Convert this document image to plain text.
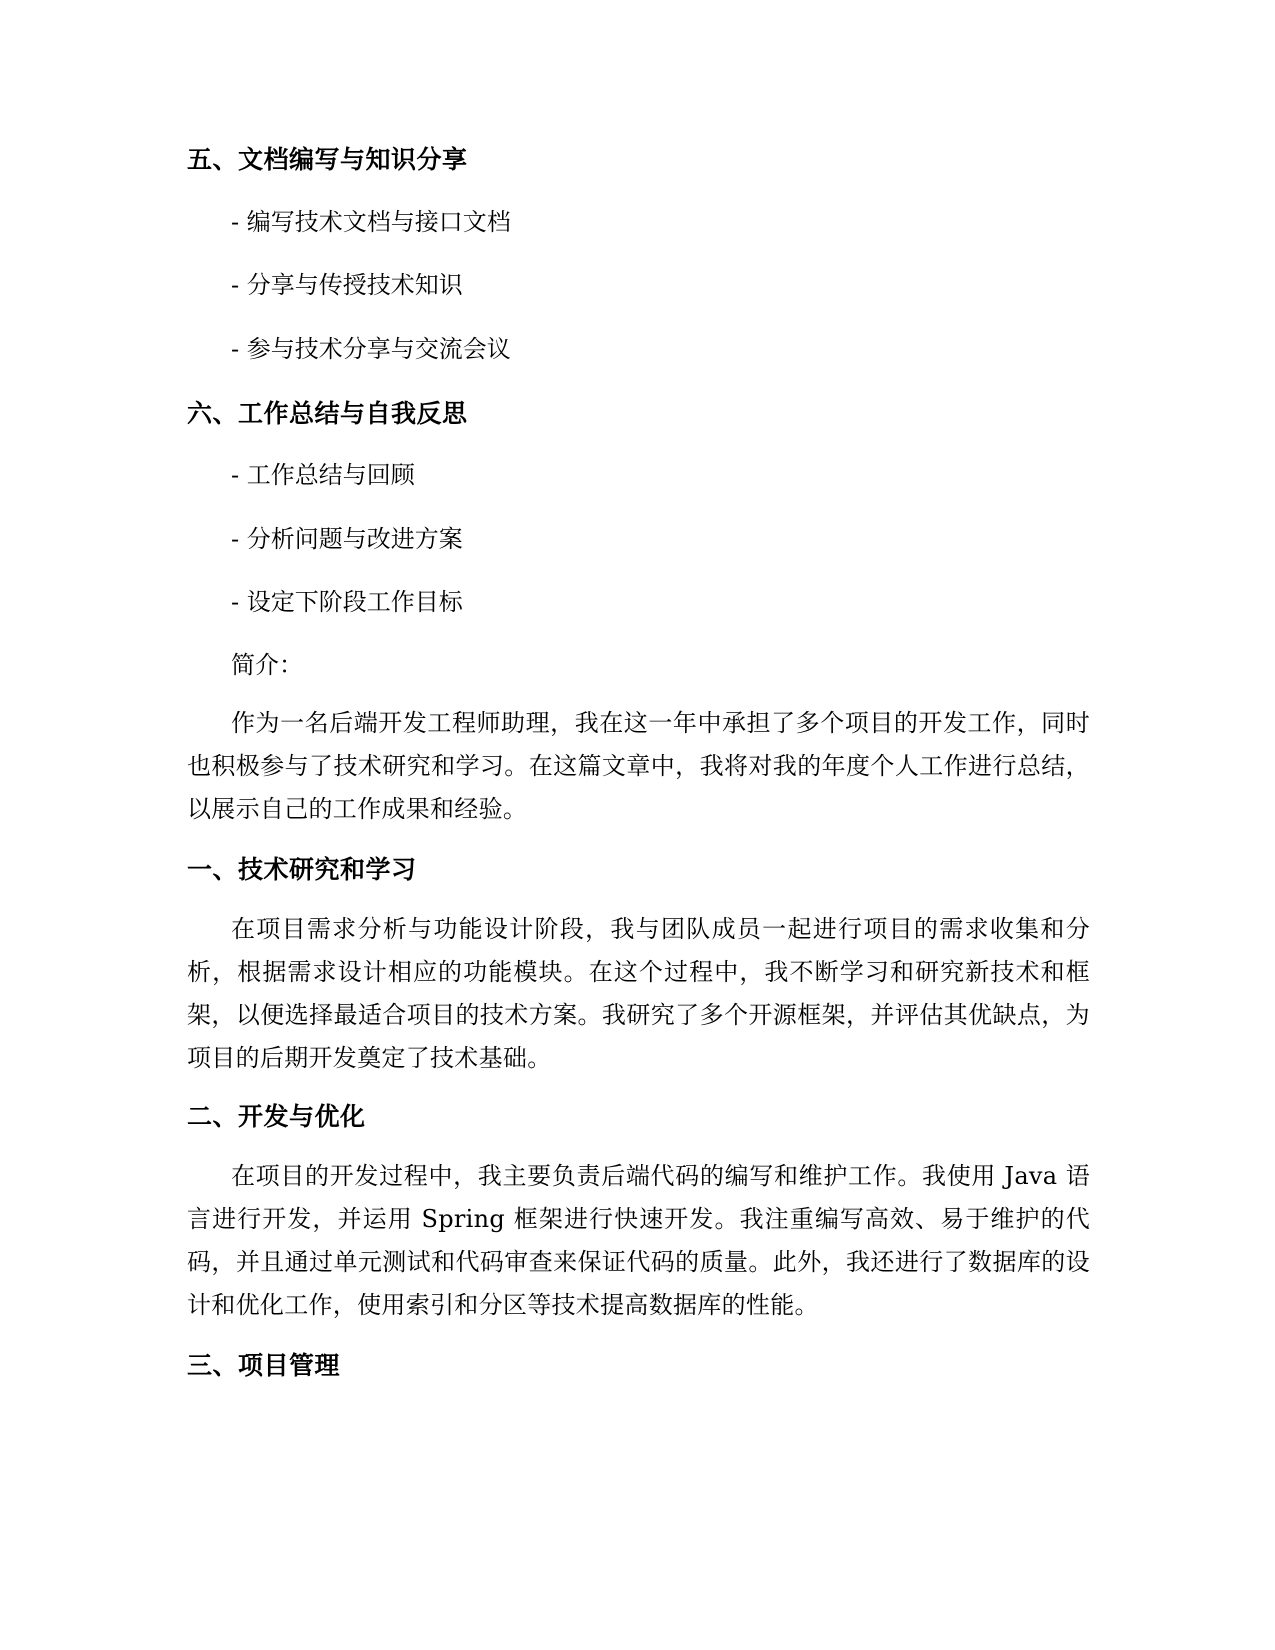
五、文档编写与知识分享
- 编写技术文档与接口文档
- 分享与传授技术知识
- 参与技术分享与交流会议
六、工作总结与自我反思
- 工作总结与回顾
- 分析问题与改进方案
- 设定下阶段工作目标
简介：
作为一名后端开发工程师助理，我在这一年中承担了多个项目的开发工作，同时也积极参与了技术研究和学习。在这篇文章中，我将对我的年度个人工作进行总结，以展示自己的工作成果和经验。
一、技术研究和学习
在项目需求分析与功能设计阶段，我与团队成员一起进行项目的需求收集和分析，根据需求设计相应的功能模块。在这个过程中，我不断学习和研究新技术和框架，以便选择最适合项目的技术方案。我研究了多个开源框架，并评估其优缺点，为项目的后期开发奠定了技术基础。
二、开发与优化
在项目的开发过程中，我主要负责后端代码的编写和维护工作。我使用 Java 语言进行开发，并运用 Spring 框架进行快速开发。我注重编写高效、易于维护的代码，并且通过单元测试和代码审查来保证代码的质量。此外，我还进行了数据库的设计和优化工作，使用索引和分区等技术提高数据库的性能。
三、项目管理
